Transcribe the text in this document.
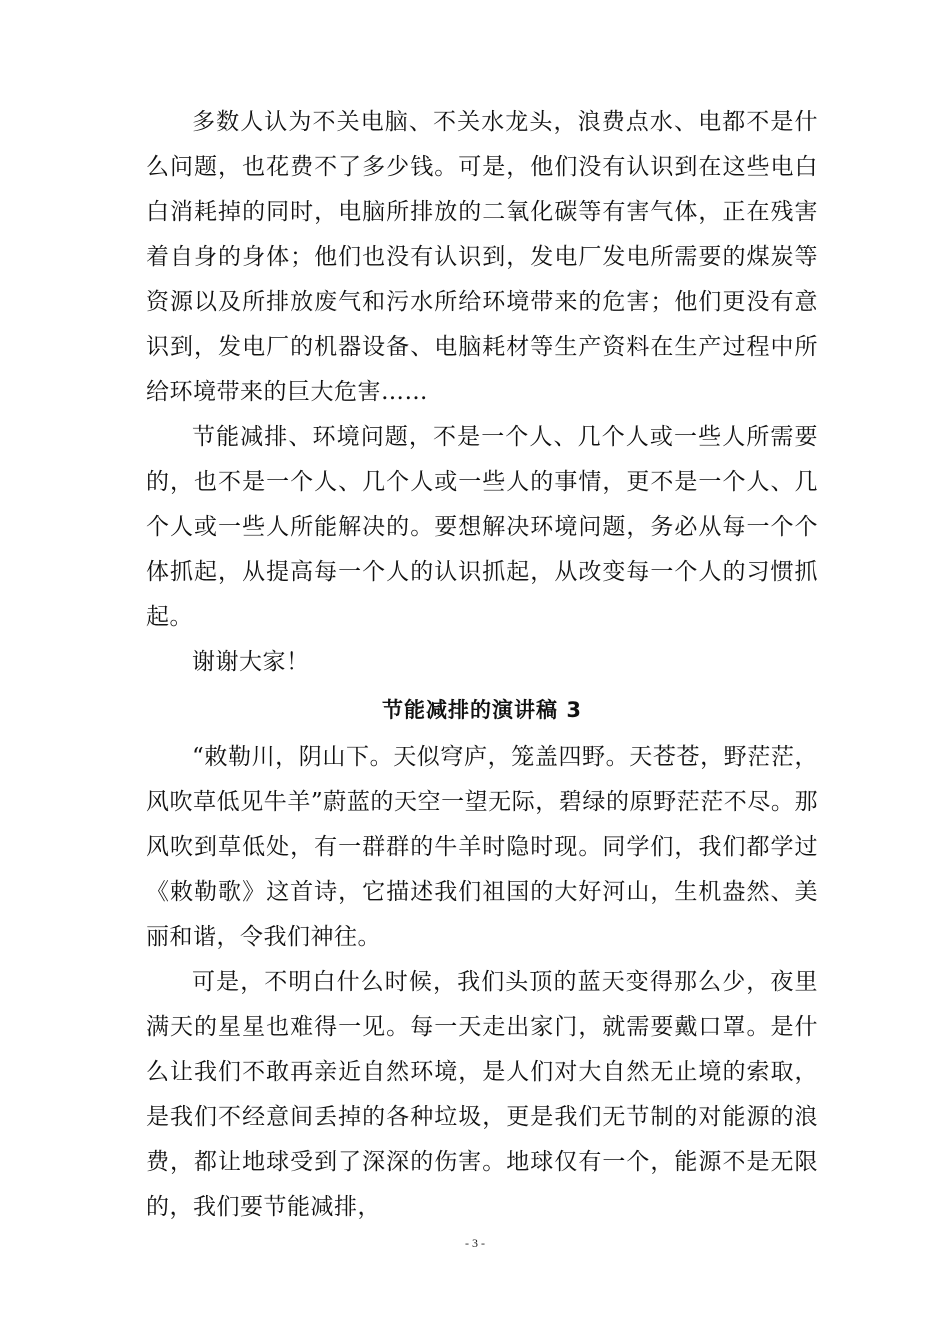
多数人认为不关电脑、不关水龙头，浪费点水、电都不是什么问题，也花费不了多少钱。可是，他们没有认识到在这些电白白消耗掉的同时，电脑所排放的二氧化碳等有害气体，正在残害着自身的身体；他们也没有认识到，发电厂发电所需要的煤炭等资源以及所排放废气和污水所给环境带来的危害；他们更没有意识到，发电厂的机器设备、电脑耗材等生产资料在生产过程中所给环境带来的巨大危害……

节能减排、环境问题，不是一个人、几个人或一些人所需要的，也不是一个人、几个人或一些人的事情，更不是一个人、几个人或一些人所能解决的。要想解决环境问题，务必从每一个个体抓起，从提高每一个人的认识抓起，从改变每一个人的习惯抓起。

谢谢大家！

节能减排的演讲稿 3

“敕勒川，阴山下。天似穹庐，笼盖四野。天苍苍，野茫茫，风吹草低见牛羊”蔚蓝的天空一望无际，碧绿的原野茫茫不尽。那风吹到草低处，有一群群的牛羊时隐时现。同学们，我们都学过《敕勒歌》这首诗，它描述我们祖国的大好河山，生机盎然、美丽和谐，令我们神往。

可是，不明白什么时候，我们头顶的蓝天变得那么少，夜里满天的星星也难得一见。每一天走出家门，就需要戴口罩。是什么让我们不敢再亲近自然环境，是人们对大自然无止境的索取，是我们不经意间丢掉的各种垃圾，更是我们无节制的对能源的浪费，都让地球受到了深深的伤害。地球仅有一个，能源不是无限的，我们要节能减排，

- 3 -
